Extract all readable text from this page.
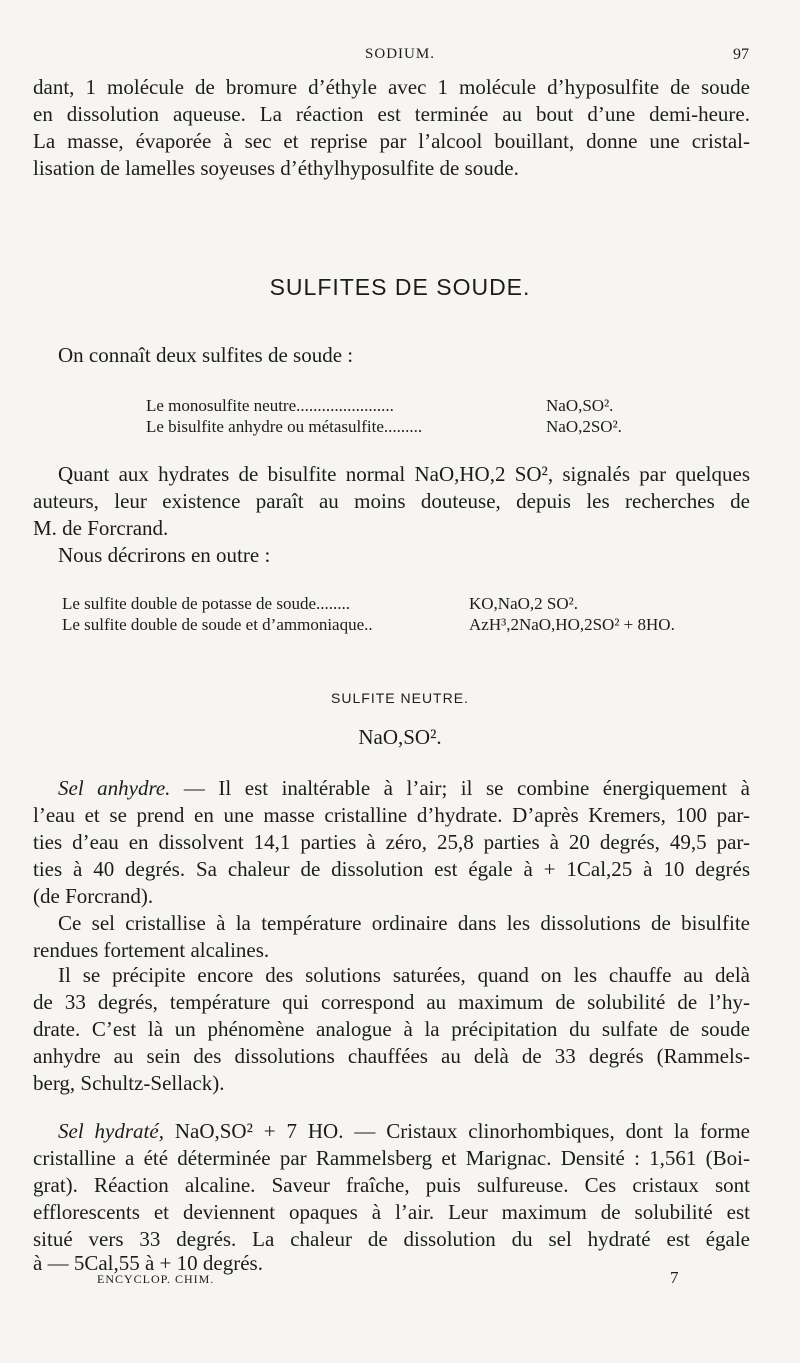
SODIUM.	97
dant, 1 molécule de bromure d’éthyle avec 1 molécule d’hyposulfite de soude
en dissolution aqueuse. La réaction est terminée au bout d’une demi-heure.
La masse, évaporée à sec et reprise par l’alcool bouillant, donne une cristal-
lisation de lamelles soyeuses d’éthylhyposulfite de soude.
SULFITES DE SOUDE.
On connaît deux sulfites de soude :
Le monosulfite neutre.......................	NaO,SO².
Le bisulfite anhydre ou métasulfite.........	NaO,2SO².
Quant aux hydrates de bisulfite normal NaO,HO,2 SO², signalés par quelques
auteurs, leur existence paraît au moins douteuse, depuis les recherches de
M. de Forcrand.
Nous décrirons en outre :
Le sulfite double de potasse de soude........	KO,NaO,2 SO².
Le sulfite double de soude et d’ammoniaque..	AzH³,2NaO,HO,2SO² + 8HO.
SULFITE NEUTRE.
NaO,SO².
Sel anhydre. — Il est inaltérable à l’air; il se combine énergiquement à
l’eau et se prend en une masse cristalline d’hydrate. D’après Kremers, 100 par-
ties d’eau en dissolvent 14,1 parties à zéro, 25,8 parties à 20 degrés, 49,5 par-
ties à 40 degrés. Sa chaleur de dissolution est égale à + 1Cal,25 à 10 degrés
(de Forcrand).
Ce sel cristallise à la température ordinaire dans les dissolutions de bisulfite
rendues fortement alcalines.
Il se précipite encore des solutions saturées, quand on les chauffe au delà
de 33 degrés, température qui correspond au maximum de solubilité de l’hy-
drate. C’est là un phénomène analogue à la précipitation du sulfate de soude
anhydre au sein des dissolutions chauffées au delà de 33 degrés (Rammels-
berg, Schultz-Sellack).
Sel hydraté, NaO,SO² + 7 HO. — Cristaux clinorhombiques, dont la forme
cristalline a été déterminée par Rammelsberg et Marignac. Densité : 1,561 (Boi-
grat). Réaction alcaline. Saveur fraîche, puis sulfureuse. Ces cristaux sont
efflorescents et deviennent opaques à l’air. Leur maximum de solubilité est
situé vers 33 degrés. La chaleur de dissolution du sel hydraté est égale
à — 5Cal,55 à + 10 degrés.
ENCYCLOP. CHIM.	7
